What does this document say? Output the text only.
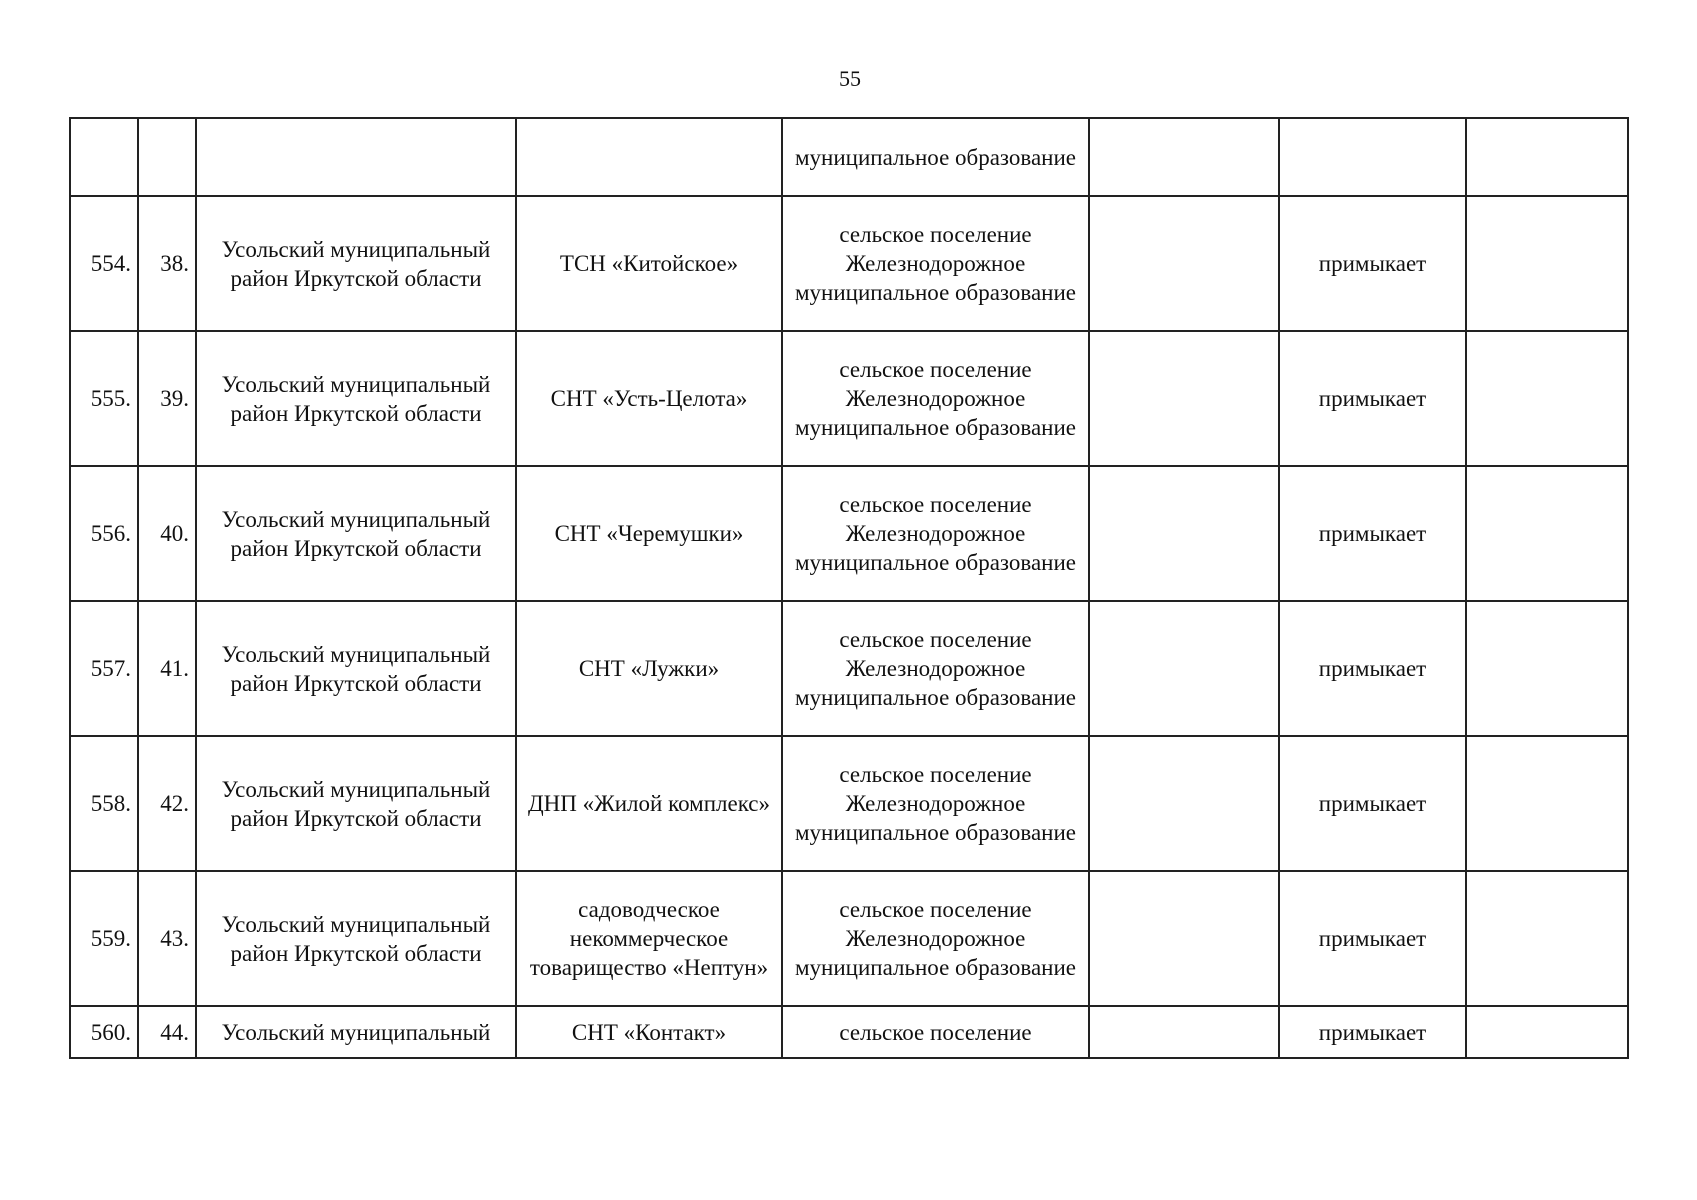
55
				муниципальное образование			
554.	38.	Усольский муниципальный район Иркутской области	ТСН «Китойское»	сельское поселение Железнодорожное муниципальное образование		примыкает	
555.	39.	Усольский муниципальный район Иркутской области	СНТ «Усть-Целота»	сельское поселение Железнодорожное муниципальное образование		примыкает	
556.	40.	Усольский муниципальный район Иркутской области	СНТ «Черемушки»	сельское поселение Железнодорожное муниципальное образование		примыкает	
557.	41.	Усольский муниципальный район Иркутской области	СНТ «Лужки»	сельское поселение Железнодорожное муниципальное образование		примыкает	
558.	42.	Усольский муниципальный район Иркутской области	ДНП «Жилой комплекс»	сельское поселение Железнодорожное муниципальное образование		примыкает	
559.	43.	Усольский муниципальный район Иркутской области	садоводческое некоммерческое товарищество «Нептун»	сельское поселение Железнодорожное муниципальное образование		примыкает	
560.	44.	Усольский муниципальный	СНТ «Контакт»	сельское поселение		примыкает	
